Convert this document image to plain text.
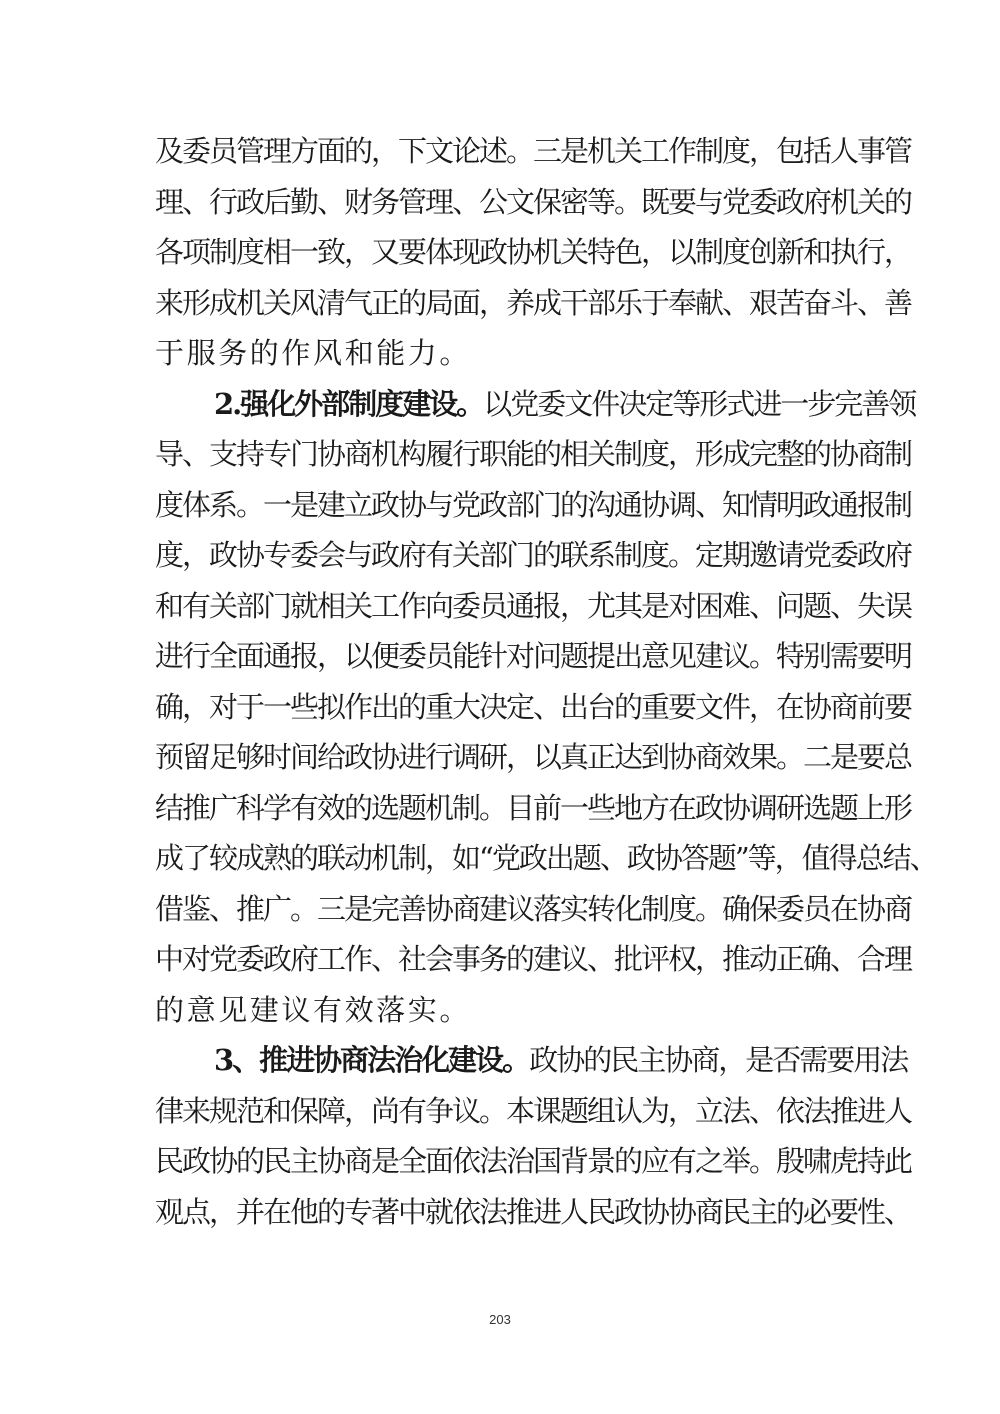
及委员管理方面的，下文论述。三是机关工作制度，包括人事管
理、行政后勤、财务管理、公文保密等。既要与党委政府机关的
各项制度相一致，又要体现政协机关特色，以制度创新和执行，
来形成机关风清气正的局面，养成干部乐于奉献、艰苦奋斗、善
于服务的作风和能力。

2.强化外部制度建设。以党委文件决定等形式进一步完善领
导、支持专门协商机构履行职能的相关制度，形成完整的协商制
度体系。一是建立政协与党政部门的沟通协调、知情明政通报制
度，政协专委会与政府有关部门的联系制度。定期邀请党委政府
和有关部门就相关工作向委员通报，尤其是对困难、问题、失误
进行全面通报，以便委员能针对问题提出意见建议。特别需要明
确，对于一些拟作出的重大决定、出台的重要文件，在协商前要
预留足够时间给政协进行调研，以真正达到协商效果。二是要总
结推广科学有效的选题机制。目前一些地方在政协调研选题上形
成了较成熟的联动机制，如“党政出题、政协答题”等，值得总结、
借鉴、推广。三是完善协商建议落实转化制度。确保委员在协商
中对党委政府工作、社会事务的建议、批评权，推动正确、合理
的意见建议有效落实。

3、推进协商法治化建设。政协的民主协商，是否需要用法
律来规范和保障，尚有争议。本课题组认为，立法、依法推进人
民政协的民主协商是全面依法治国背景的应有之举。殷啸虎持此
观点，并在他的专著中就依法推进人民政协协商民主的必要性、

203
